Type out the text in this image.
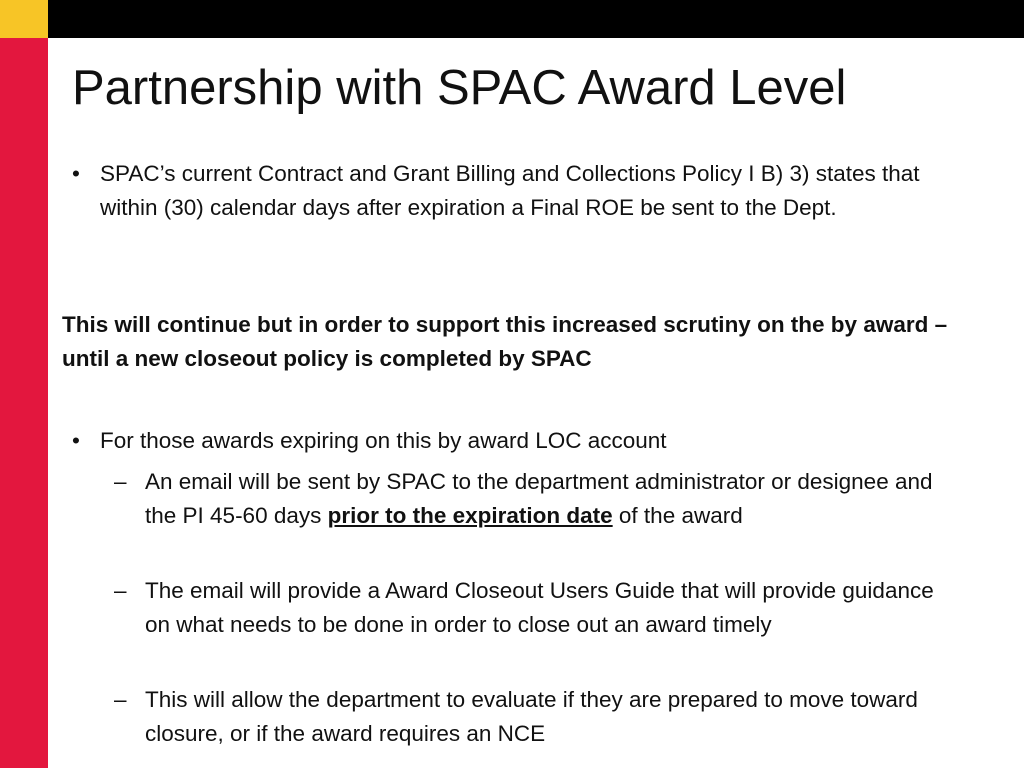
Partnership with SPAC Award Level
• SPAC’s current Contract and Grant Billing and Collections Policy I B) 3) states that within (30) calendar days after expiration a Final ROE be sent to the Dept.

This will continue but in order to support this increased scrutiny on the by award – until a new closeout policy is completed by SPAC

• For those awards expiring on this by award LOC account

– An email will be sent by SPAC to the department administrator or designee and the PI 45-60 days prior to the expiration date of the award

– The email will provide a Award Closeout Users Guide that will provide guidance on what needs to be done in order to close out an award timely

– This will allow the department to evaluate if they are prepared to move toward closure, or if the award requires an NCE
